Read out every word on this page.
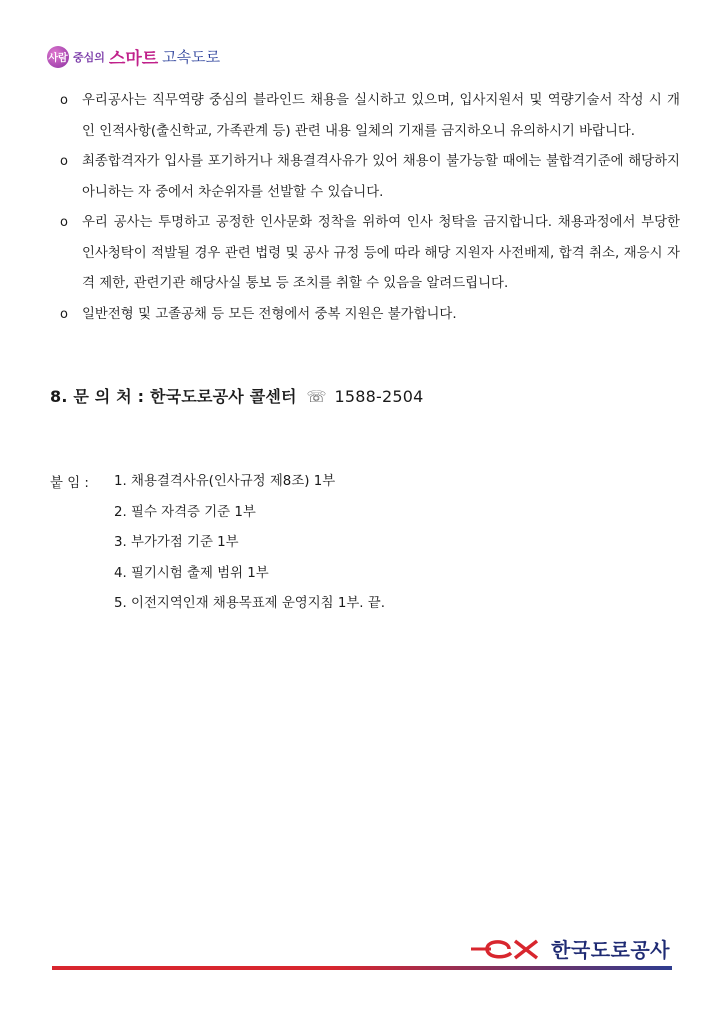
사람 중심의 스마트 고속도로
o	우리공사는 직무역량 중심의 블라인드 채용을 실시하고 있으며, 입사지원서 및 역량기술서 작성 시 개인 인적사항(출신학교, 가족관계 등) 관련 내용 일체의 기재를 금지하오니 유의하시기 바랍니다.
o	최종합격자가 입사를 포기하거나 채용결격사유가 있어 채용이 불가능할 때에는 불합격기준에 해당하지 아니하는 자 중에서 차순위자를 선발할 수 있습니다.
o	우리 공사는 투명하고 공정한 인사문화 정착을 위하여 인사 청탁을 금지합니다. 채용과정에서 부당한 인사청탁이 적발될 경우 관련 법령 및 공사 규정 등에 따라 해당 지원자 사전배제, 합격 취소, 재응시 자격 제한, 관련기관 해당사실 통보 등 조치를 취할 수 있음을 알려드립니다.
o	일반전형 및 고졸공채 등 모든 전형에서 중복 지원은 불가합니다.
8. 문 의 처 : 한국도로공사 콜센터 ☏ 1588-2504
붙 임 : 1. 채용결격사유(인사규정 제8조) 1부
2. 필수 자격증 기준 1부
3. 부가가점 기준 1부
4. 필기시험 출제 범위 1부
5. 이전지역인재 채용목표제 운영지침 1부. 끝.
한국도로공사
